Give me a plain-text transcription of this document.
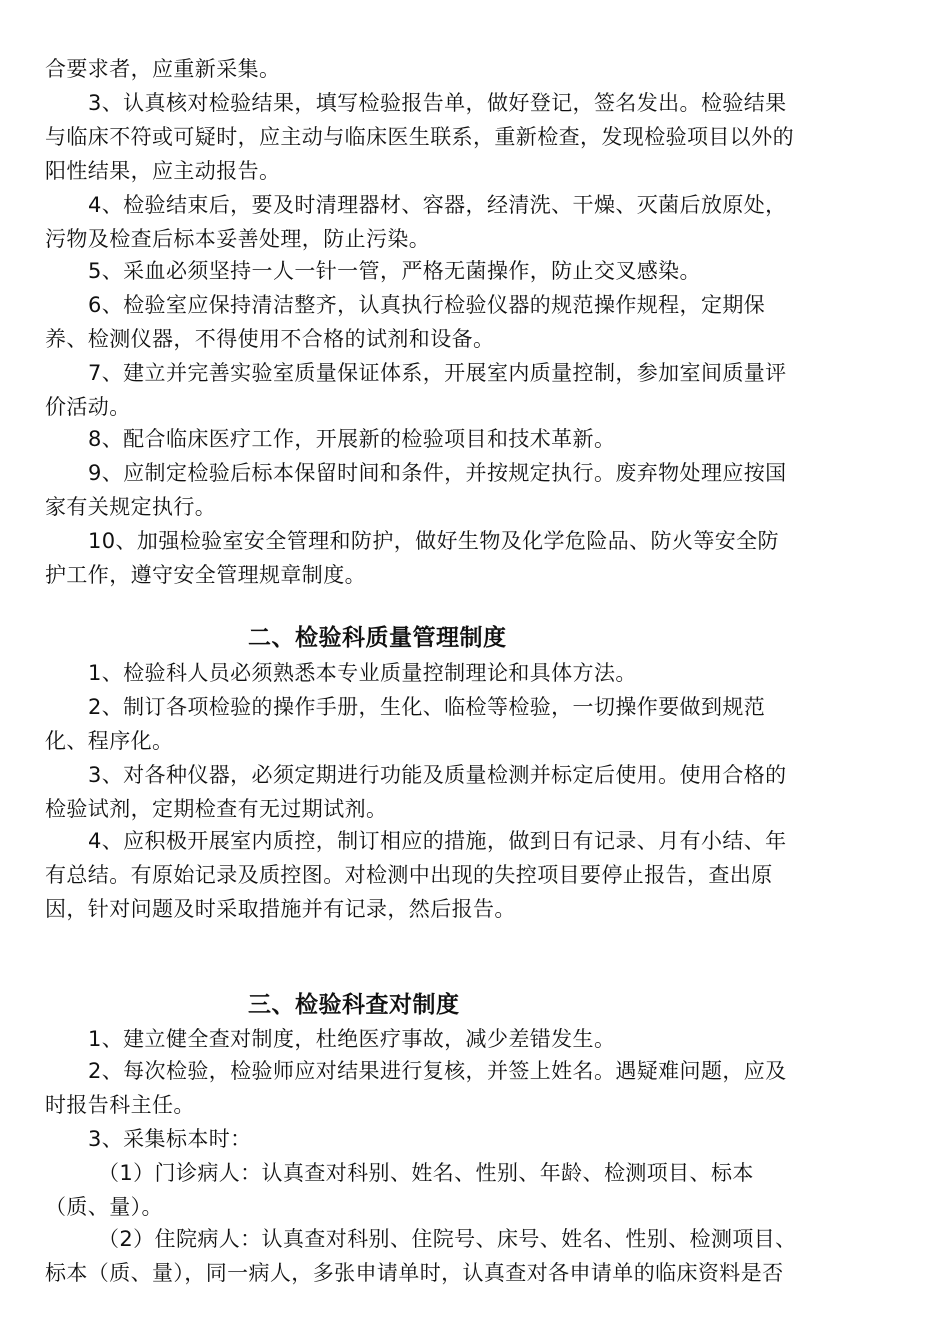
合要求者，应重新采集。
3、认真核对检验结果，填写检验报告单，做好登记，签名发出。检验结果
与临床不符或可疑时，应主动与临床医生联系，重新检查，发现检验项目以外的
阳性结果，应主动报告。
4、检验结束后，要及时清理器材、容器，经清洗、干燥、灭菌后放原处，
污物及检查后标本妥善处理，防止污染。
5、采血必须坚持一人一针一管，严格无菌操作，防止交叉感染。
6、检验室应保持清洁整齐，认真执行检验仪器的规范操作规程，定期保
养、检测仪器，不得使用不合格的试剂和设备。
7、建立并完善实验室质量保证体系，开展室内质量控制，参加室间质量评
价活动。
8、配合临床医疗工作，开展新的检验项目和技术革新。
9、应制定检验后标本保留时间和条件，并按规定执行。废弃物处理应按国
家有关规定执行。
10、加强检验室安全管理和防护，做好生物及化学危险品、防火等安全防
护工作，遵守安全管理规章制度。
二、检验科质量管理制度
1、检验科人员必须熟悉本专业质量控制理论和具体方法。
2、制订各项检验的操作手册，生化、临检等检验，一切操作要做到规范
化、程序化。
3、对各种仪器，必须定期进行功能及质量检测并标定后使用。使用合格的
检验试剂，定期检查有无过期试剂。
4、应积极开展室内质控，制订相应的措施，做到日有记录、月有小结、年
有总结。有原始记录及质控图。对检测中出现的失控项目要停止报告，查出原
因，针对问题及时采取措施并有记录，然后报告。
三、检验科查对制度
1、建立健全查对制度，杜绝医疗事故，减少差错发生。
2、每次检验，检验师应对结果进行复核，并签上姓名。遇疑难问题，应及
时报告科主任。
3、采集标本时：
（1）门诊病人：认真查对科别、姓名、性别、年龄、检测项目、标本
（质、量）。
（2）住院病人：认真查对科别、住院号、床号、姓名、性别、检测项目、
标本（质、量），同一病人，多张申请单时，认真查对各申请单的临床资料是否
